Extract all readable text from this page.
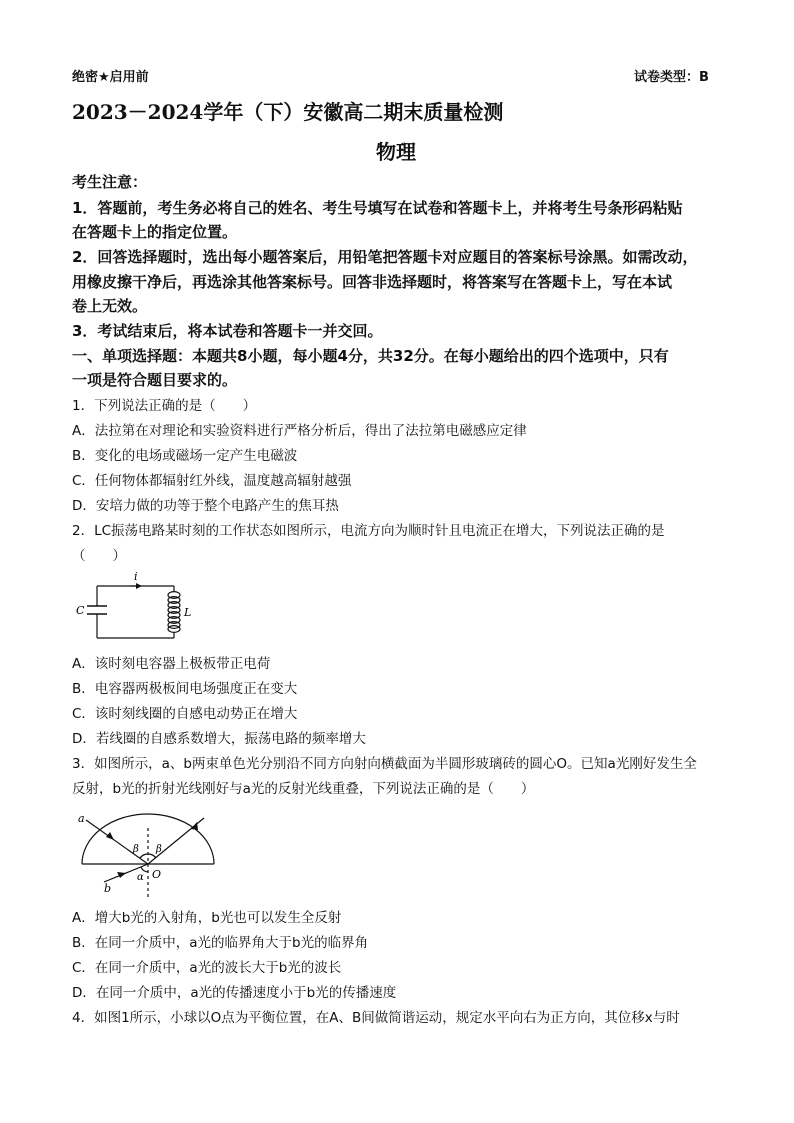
绝密★启用前	试卷类型：B
2023－2024学年（下）安徽高二期末质量检测
物理
考生注意：
1．答题前，考生务必将自己的姓名、考生号填写在试卷和答题卡上，并将考生号条形码粘贴
在答题卡上的指定位置。
2．回答选择题时，选出每小题答案后，用铅笔把答题卡对应题目的答案标号涂黑。如需改动，
用橡皮擦干净后，再选涂其他答案标号。回答非选择题时，将答案写在答题卡上，写在本试
卷上无效。
3．考试结束后，将本试卷和答题卡一并交回。
一、单项选择题：本题共8小题，每小题4分，共32分。在每小题给出的四个选项中，只有
一项是符合题目要求的。
1．下列说法正确的是（　　）
A．法拉第在对理论和实验资料进行严格分析后，得出了法拉第电磁感应定律
B．变化的电场或磁场一定产生电磁波
C．任何物体都辐射红外线，温度越高辐射越强
D．安培力做的功等于整个电路产生的焦耳热
2．LC振荡电路某时刻的工作状态如图所示，电流方向为顺时针且电流正在增大，下列说法正确的是
（　　）
i
C	L
A．该时刻电容器上极板带正电荷
B．电容器两极板间电场强度正在变大
C．该时刻线圈的自感电动势正在增大
D．若线圈的自感系数增大，振荡电路的频率增大
3．如图所示，a、b两束单色光分别沿不同方向射向横截面为半圆形玻璃砖的圆心O。已知a光刚好发生全
反射，b光的折射光线刚好与a光的反射光线重叠，下列说法正确的是（　　）
a
b
β β
α O
A．增大b光的入射角，b光也可以发生全反射
B．在同一介质中，a光的临界角大于b光的临界角
C．在同一介质中，a光的波长大于b光的波长
D．在同一介质中，a光的传播速度小于b光的传播速度
4．如图1所示，小球以O点为平衡位置，在A、B间做简谐运动，规定水平向右为正方向，其位移x与时
